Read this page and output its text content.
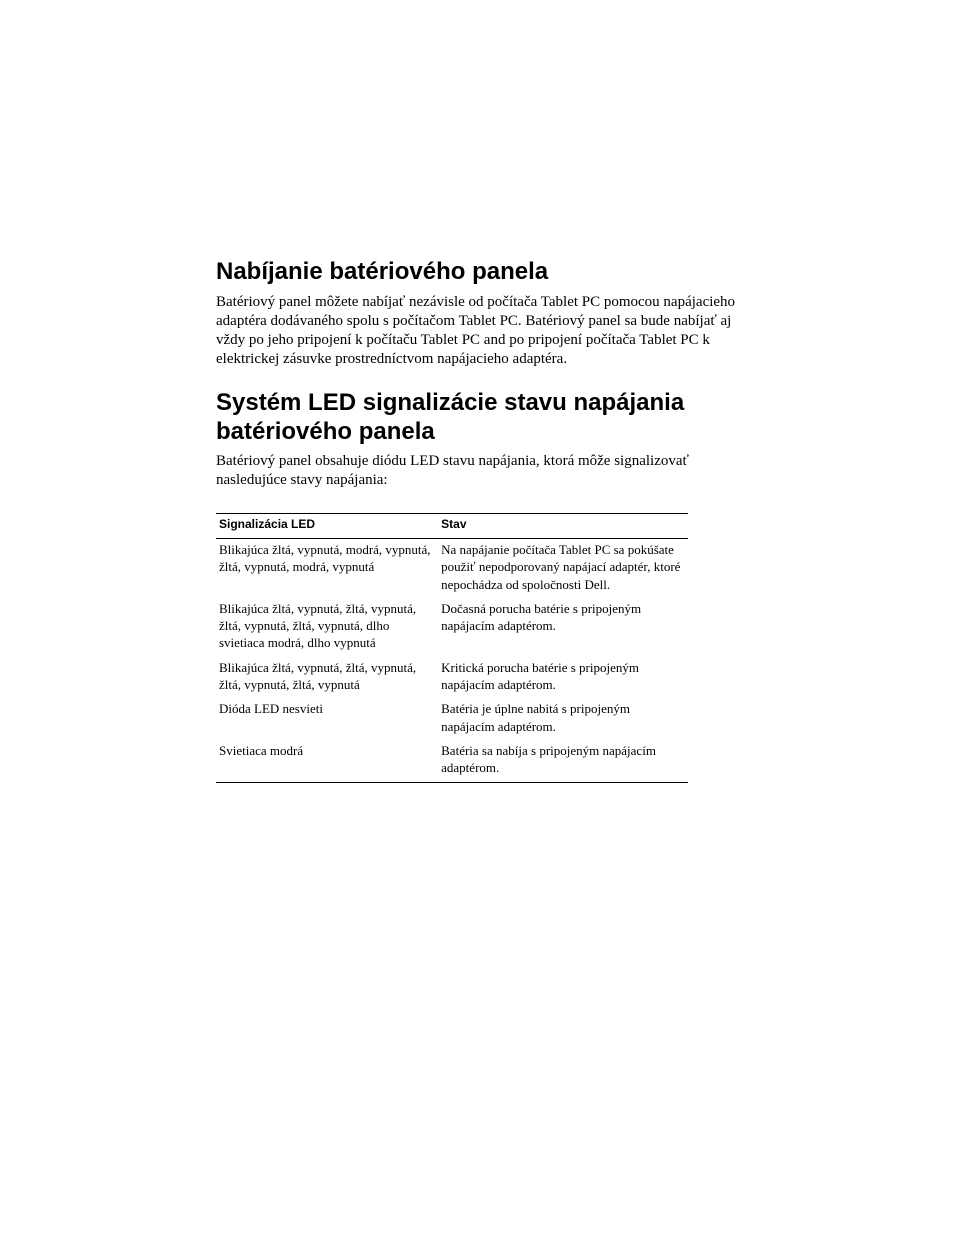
Nabíjanie batériového panela

Batériový panel môžete nabíjať nezávisle od počítača Tablet PC pomocou napájacieho adaptéra dodávaného spolu s počítačom Tablet PC. Batériový panel sa bude nabíjať aj vždy po jeho pripojení k počítaču Tablet PC and po pripojení počítača Tablet PC k elektrickej zásuvke prostredníctvom napájacieho adaptéra.

Systém LED signalizácie stavu napájania batériového panela

Batériový panel obsahuje diódu LED stavu napájania, ktorá môže signalizovať nasledujúce stavy napájania:

Signalizácia LED	Stav
Blikajúca žltá, vypnutá, modrá, vypnutá, žltá, vypnutá, modrá, vypnutá	Na napájanie počítača Tablet PC sa pokúšate použiť nepodporovaný napájací adaptér, ktoré nepochádza od spoločnosti Dell.
Blikajúca žltá, vypnutá, žltá, vypnutá, žltá, vypnutá, žltá, vypnutá, dlho svietiaca modrá, dlho vypnutá	Dočasná porucha batérie s pripojeným napájacím adaptérom.
Blikajúca žltá, vypnutá, žltá, vypnutá, žltá, vypnutá, žltá, vypnutá	Kritická porucha batérie s pripojeným napájacím adaptérom.
Dióda LED nesvieti	Batéria je úplne nabitá s pripojeným napájacím adaptérom.
Svietiaca modrá	Batéria sa nabíja s pripojeným napájacím adaptérom.
